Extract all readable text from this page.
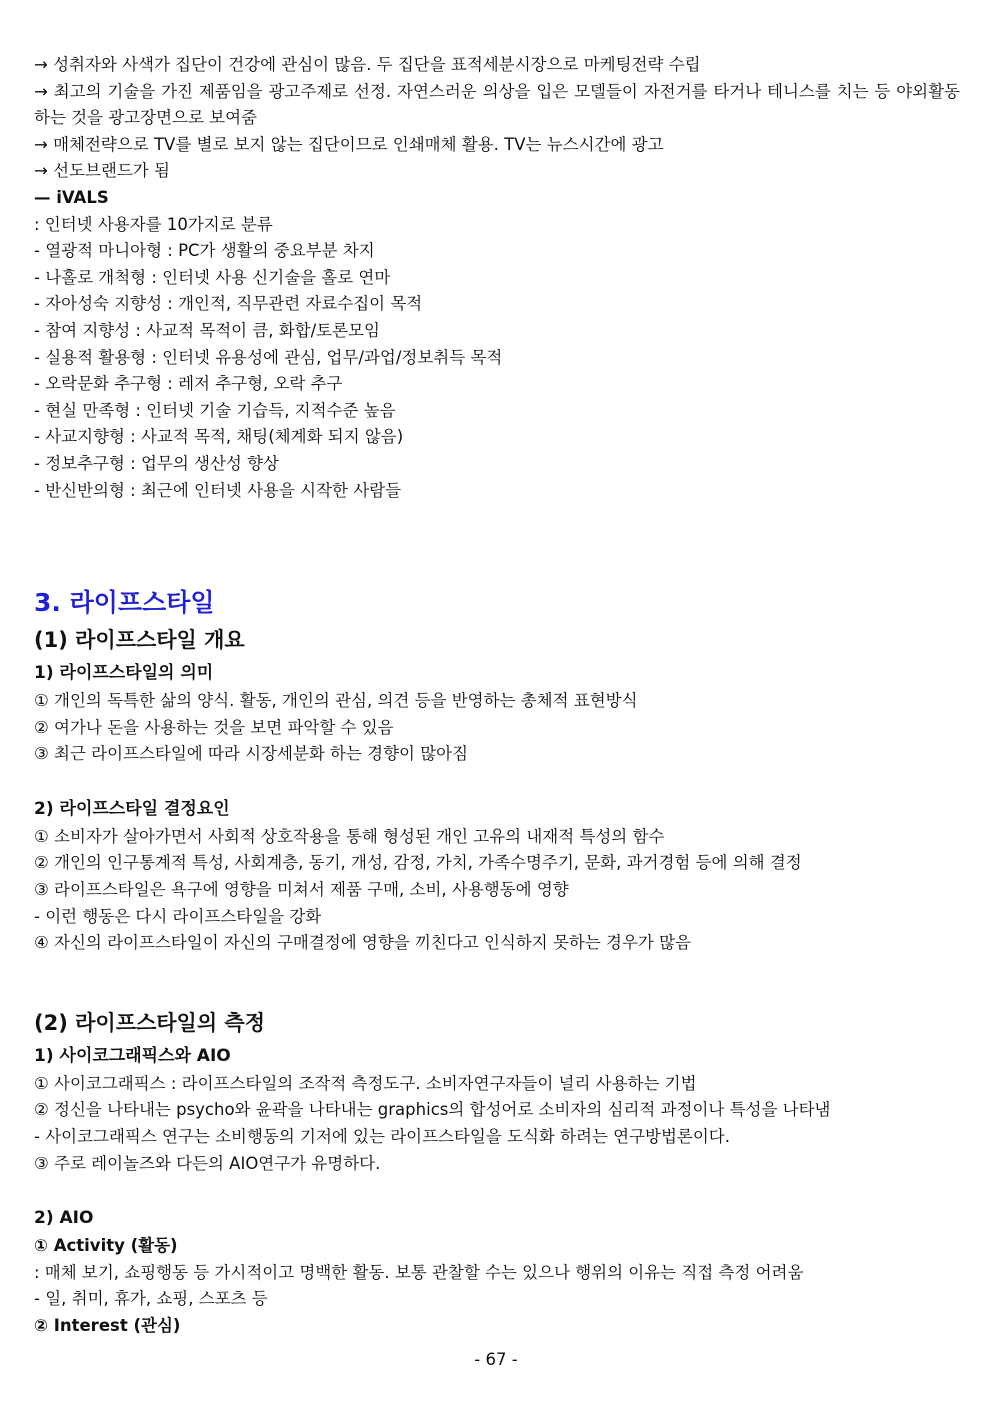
→ 성취자와 사색가 집단이 건강에 관심이 많음. 두 집단을 표적세분시장으로 마케팅전략 수립

→ 최고의 기술을 가진 제품임을 광고주제로 선정. 자연스러운 의상을 입은 모델들이 자전거를 타거나 테니스를 치는 등 야외활동하는 것을 광고장면으로 보여줌

→ 매체전략으로 TV를 별로 보지 않는 집단이므로 인쇄매체 활용. TV는 뉴스시간에 광고

→ 선도브랜드가 됨

— iVALS

: 인터넷 사용자를 10가지로 분류

- 열광적 마니아형 : PC가 생활의 중요부분 차지

- 나홀로 개척형 : 인터넷 사용 신기술을 홀로 연마

- 자아성숙 지향성 : 개인적, 직무관련 자료수집이 목적

- 참여 지향성 : 사교적 목적이 큼, 화합/토론모임

- 실용적 활용형 : 인터넷 유용성에 관심, 업무/과업/정보취득 목적

- 오락문화 추구형 : 레저 추구형, 오락 추구

- 현실 만족형 : 인터넷 기술 기습득, 지적수준 높음

- 사교지향형 : 사교적 목적, 채팅(체계화 되지 않음)

- 정보추구형 : 업무의 생산성 향상

- 반신반의형 : 최근에 인터넷 사용을 시작한 사람들

3. 라이프스타일
(1) 라이프스타일 개요
1) 라이프스타일의 의미

① 개인의 독특한 삶의 양식. 활동, 개인의 관심, 의견 등을 반영하는 총체적 표현방식

② 여가나 돈을 사용하는 것을 보면 파악할 수 있음

③ 최근 라이프스타일에 따라 시장세분화 하는 경향이 많아짐

2) 라이프스타일 결정요인

① 소비자가 살아가면서 사회적 상호작용을 통해 형성된 개인 고유의 내재적 특성의 함수

② 개인의 인구통계적 특성, 사회계층, 동기, 개성, 감정, 가치, 가족수명주기, 문화, 과거경험 등에 의해 결정

③ 라이프스타일은 욕구에 영향을 미쳐서 제품 구매, 소비, 사용행동에 영향

- 이런 행동은 다시 라이프스타일을 강화

④ 자신의 라이프스타일이 자신의 구매결정에 영향을 끼친다고 인식하지 못하는 경우가 많음

(2) 라이프스타일의 측정
1) 사이코그래픽스와 AIO

① 사이코그래픽스 : 라이프스타일의 조작적 측정도구. 소비자연구자들이 널리 사용하는 기법

② 정신을 나타내는 psycho와 윤곽을 나타내는 graphics의 합성어로 소비자의 심리적 과정이나 특성을 나타냄

- 사이코그래픽스 연구는 소비행동의 기저에 있는 라이프스타일을 도식화 하려는 연구방법론이다.

③ 주로 레이놀즈와 다든의 AIO연구가 유명하다.

2) AIO

① Activity (활동)

: 매체 보기, 쇼핑행동 등 가시적이고 명백한 활동. 보통 관찰할 수는 있으나 행위의 이유는 직접 측정 어려움

- 일, 취미, 휴가, 쇼핑, 스포츠 등

② Interest (관심)

- 67 -
